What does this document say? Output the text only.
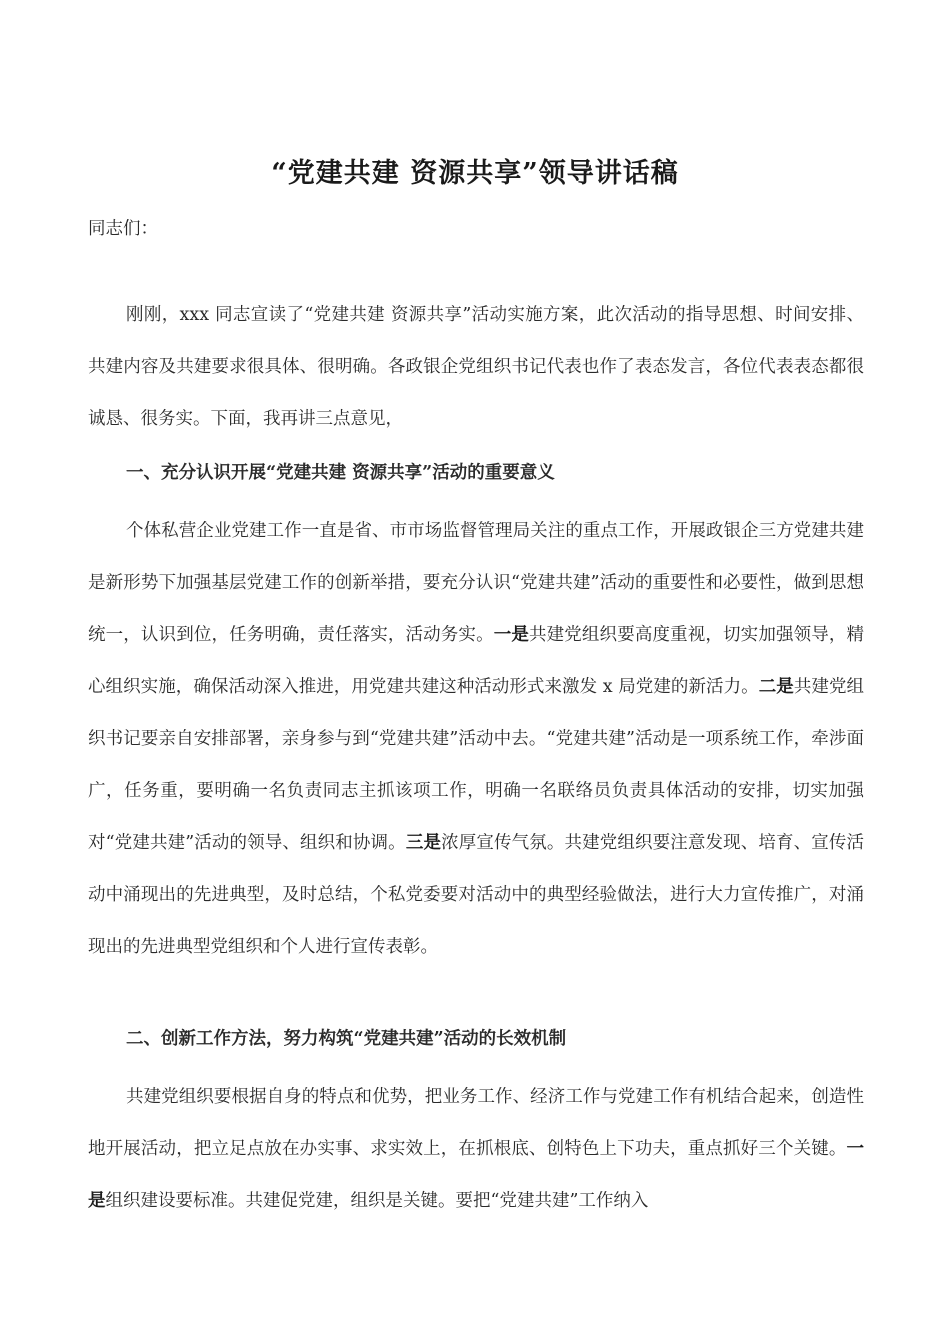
“党建共建 资源共享”领导讲话稿
同志们：
刚刚，xxx 同志宣读了“党建共建 资源共享”活动实施方案，此次活动的指导思想、时间安排、共建内容及共建要求很具体、很明确。各政银企党组织书记代表也作了表态发言，各位代表表态都很诚恳、很务实。下面，我再讲三点意见，
一、充分认识开展“党建共建 资源共享”活动的重要意义
个体私营企业党建工作一直是省、市市场监督管理局关注的重点工作，开展政银企三方党建共建是新形势下加强基层党建工作的创新举措，要充分认识“党建共建”活动的重要性和必要性，做到思想统一，认识到位，任务明确，责任落实，活动务实。一是共建党组织要高度重视，切实加强领导，精心组织实施，确保活动深入推进，用党建共建这种活动形式来激发 x 局党建的新活力。二是共建党组织书记要亲自安排部署，亲身参与到“党建共建”活动中去。“党建共建”活动是一项系统工作，牵涉面广，任务重，要明确一名负责同志主抓该项工作，明确一名联络员负责具体活动的安排，切实加强对“党建共建”活动的领导、组织和协调。三是浓厚宣传气氛。共建党组织要注意发现、培育、宣传活动中涌现出的先进典型，及时总结，个私党委要对活动中的典型经验做法，进行大力宣传推广，对涌现出的先进典型党组织和个人进行宣传表彰。
二、创新工作方法，努力构筑“党建共建”活动的长效机制
共建党组织要根据自身的特点和优势，把业务工作、经济工作与党建工作有机结合起来，创造性地开展活动，把立足点放在办实事、求实效上，在抓根底、创特色上下功夫，重点抓好三个关键。一是组织建设要标准。共建促党建，组织是关键。要把“党建共建”工作纳入
